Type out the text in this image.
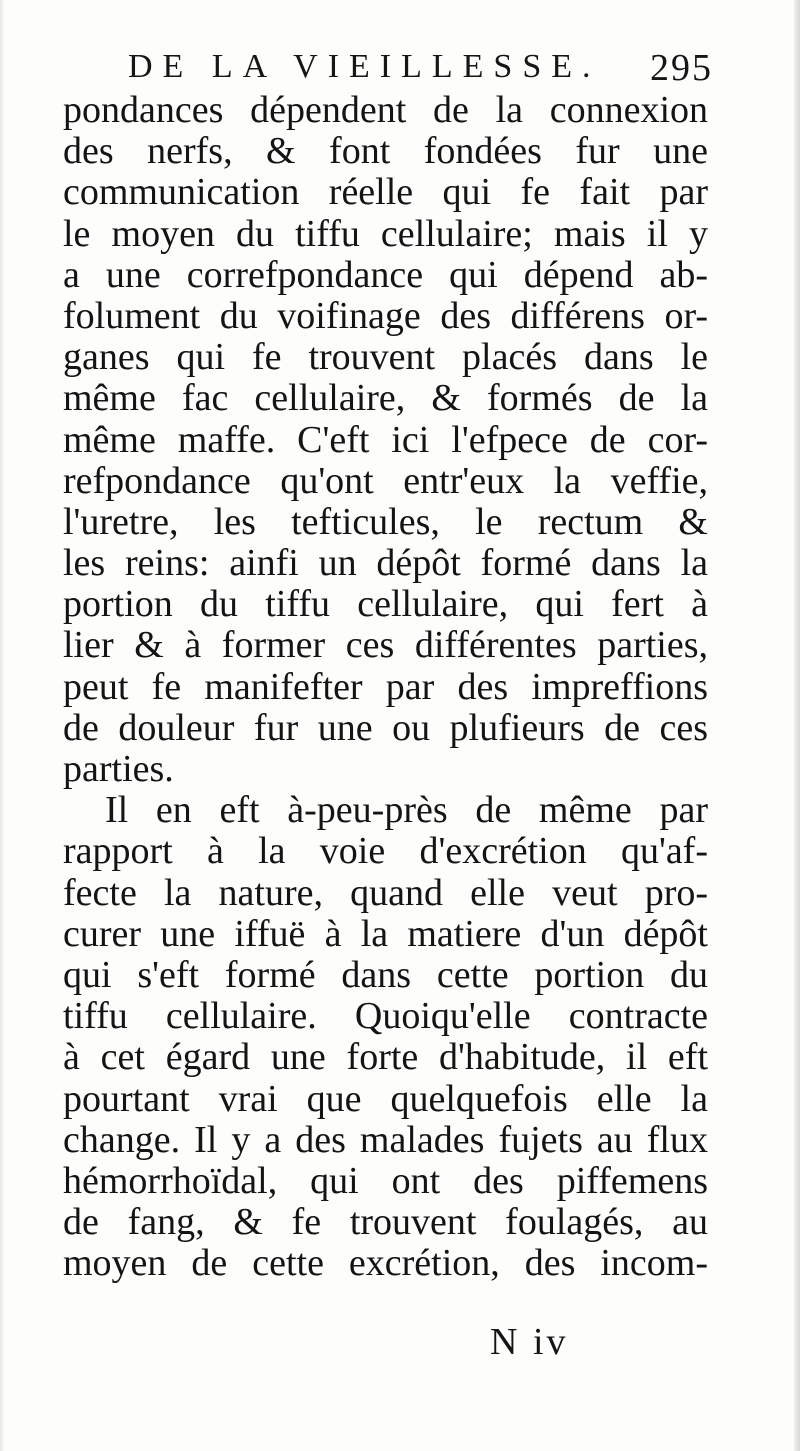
DE LA VIEILLESSE. 295
pondances dépendent de la connexion
des nerfs, & font fondées fur une
communication réelle qui fe fait par
le moyen du tiffu cellulaire; mais il y
a une correfpondance qui dépend ab-
folument du voifinage des différens or-
ganes qui fe trouvent placés dans le
même fac cellulaire, & formés de la
même maffe. C'eft ici l'efpece de cor-
refpondance qu'ont entr'eux la veffie,
l'uretre, les tefticules, le rectum &
les reins: ainfi un dépôt formé dans la
portion du tiffu cellulaire, qui fert à
lier & à former ces différentes parties,
peut fe manifefter par des impreffions
de douleur fur une ou plufieurs de ces
parties.
Il en eft à-peu-près de même par
rapport à la voie d'excrétion qu'af-
fecte la nature, quand elle veut pro-
curer une iffuë à la matiere d'un dépôt
qui s'eft formé dans cette portion du
tiffu cellulaire. Quoiqu'elle contracte
à cet égard une forte d'habitude, il eft
pourtant vrai que quelquefois elle la
change. Il y a des malades fujets au flux
hémorrhoïdal, qui ont des piffemens
de fang, & fe trouvent foulagés, au
moyen de cette excrétion, des incom-
N iv
